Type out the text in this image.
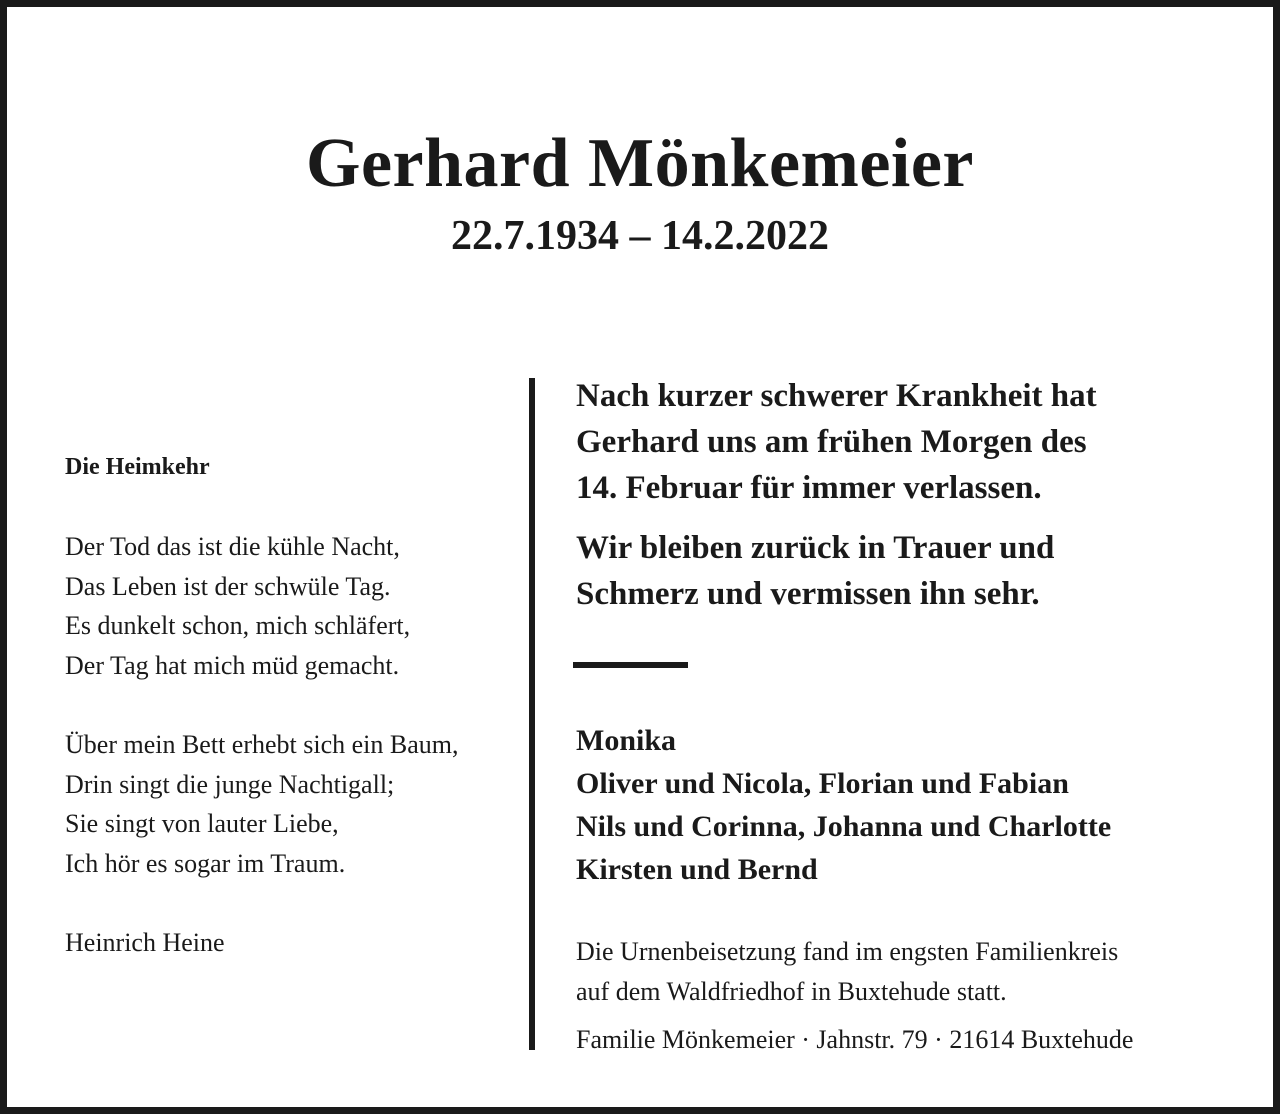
Gerhard Mönkemeier
22.7.1934 – 14.2.2022
Die Heimkehr
Der Tod das ist die kühle Nacht,
Das Leben ist der schwüle Tag.
Es dunkelt schon, mich schläfert,
Der Tag hat mich müd gemacht.
Über mein Bett erhebt sich ein Baum,
Drin singt die junge Nachtigall;
Sie singt von lauter Liebe,
Ich hör es sogar im Traum.
Heinrich Heine
Nach kurzer schwerer Krankheit hat
Gerhard uns am frühen Morgen des
14. Februar für immer verlassen.
Wir bleiben zurück in Trauer und
Schmerz und vermissen ihn sehr.
Monika
Oliver und Nicola, Florian und Fabian
Nils und Corinna, Johanna und Charlotte
Kirsten und Bernd
Die Urnenbeisetzung fand im engsten Familienkreis
auf dem Waldfriedhof in Buxtehude statt.
Familie Mönkemeier · Jahnstr. 79 · 21614 Buxtehude
